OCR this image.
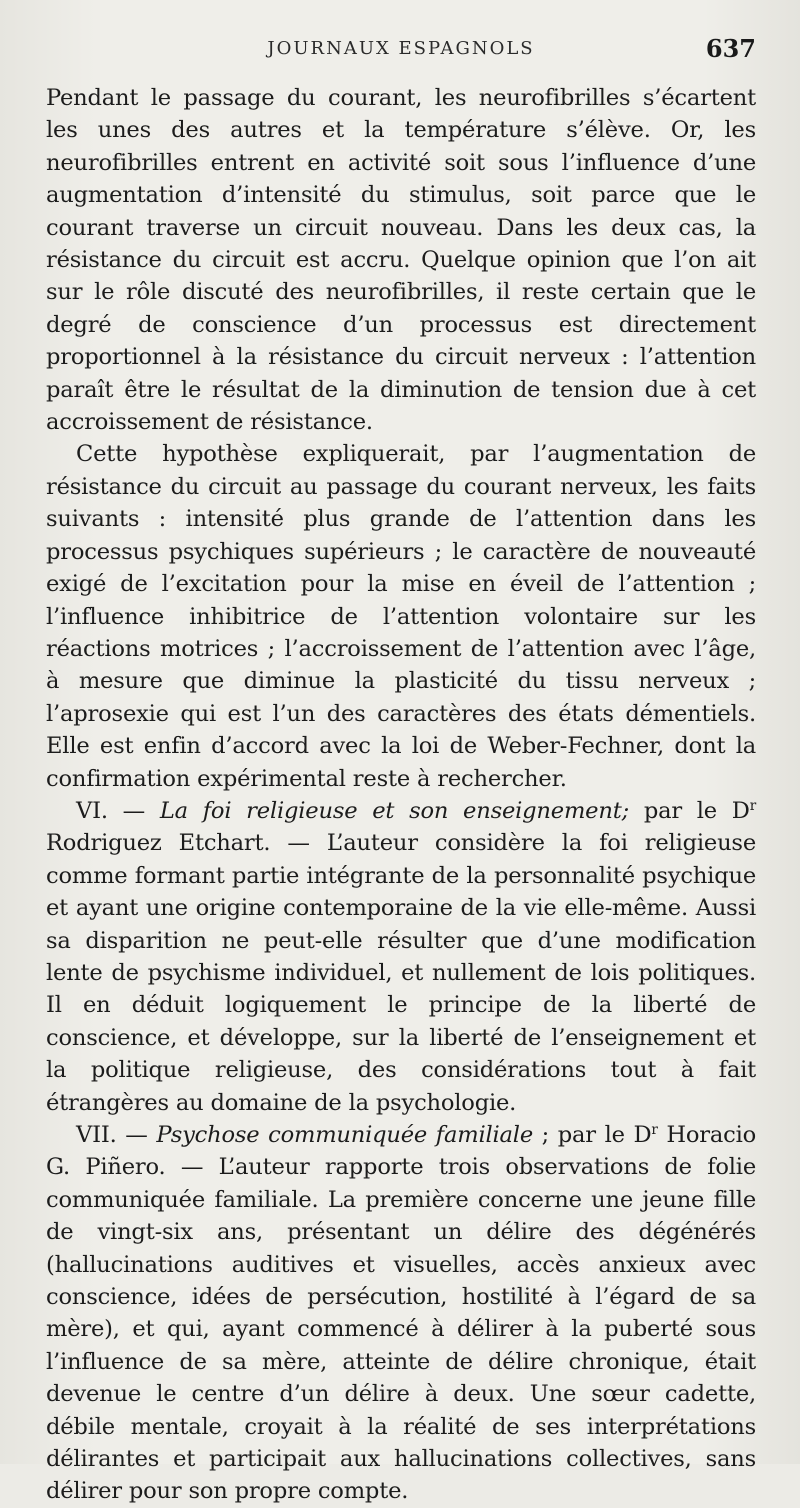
JOURNAUX ESPAGNOLS	637

Pendant le passage du courant, les neurofibrilles s’écartent les unes des autres et la température s’élève. Or, les neurofibrilles entrent en activité soit sous l’influence d’une augmentation d’intensité du stimulus, soit parce que le courant traverse un circuit nouveau. Dans les deux cas, la résistance du circuit est accru. Quelque opinion que l’on ait sur le rôle discuté des neurofibrilles, il reste certain que le degré de conscience d’un processus est directement proportionnel à la résistance du circuit nerveux : l’attention paraît être le résultat de la diminution de tension due à cet accroissement de résistance.

Cette hypothèse expliquerait, par l’augmentation de résistance du circuit au passage du courant nerveux, les faits suivants : intensité plus grande de l’attention dans les processus psychiques supérieurs ; le caractère de nouveauté exigé de l’excitation pour la mise en éveil de l’attention ; l’influence inhibitrice de l’attention volontaire sur les réactions motrices ; l’accroissement de l’attention avec l’âge, à mesure que diminue la plasticité du tissu nerveux ; l’aprosexie qui est l’un des caractères des états démentiels. Elle est enfin d’accord avec la loi de Weber-Fechner, dont la confirmation expérimental reste à rechercher.

VI. — La foi religieuse et son enseignement; par le $D^r$ Rodriguez Etchart. — L’auteur considère la foi religieuse comme formant partie intégrante de la personnalité psychique et ayant une origine contemporaine de la vie elle-même. Aussi sa disparition ne peut-elle résulter que d’une modification lente de psychisme individuel, et nullement de lois politiques. Il en déduit logiquement le principe de la liberté de conscience, et développe, sur la liberté de l’enseignement et la politique religieuse, des considérations tout à fait étrangères au domaine de la psychologie.

VII. — Psychose communiquée familiale ; par le $D^r$ Horacio G. Piñero. — L’auteur rapporte trois observations de folie communiquée familiale. La première concerne une jeune fille de vingt-six ans, présentant un délire des dégénérés (hallucinations auditives et visuelles, accès anxieux avec conscience, idées de persécution, hostilité à l’égard de sa mère), et qui, ayant commencé à délirer à la puberté sous l’influence de sa mère, atteinte de délire chronique, était devenue le centre d’un délire à deux. Une sœur cadette, débile mentale, croyait à la réalité de ses interprétations délirantes et participait aux hallucinations collectives, sans délirer pour son propre compte.
